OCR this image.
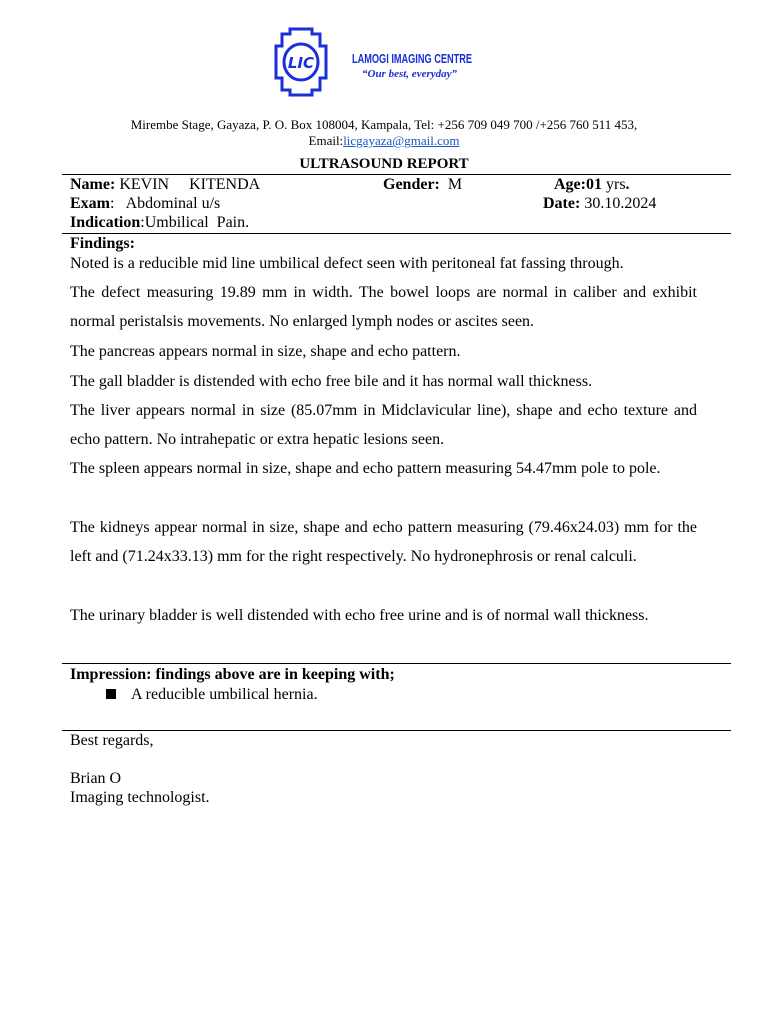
LIC	LAMOGI IMAGING CENTRE
“Our best, everyday”
Mirembe Stage, Gayaza, P. O. Box 108004, Kampala, Tel: +256 709 049 700 /+256 760 511 453,
Email:licgayaza@gmail.com
ULTRASOUND REPORT
Name: KEVIN KITENDA	Gender: M	Age:01 yrs.
Exam: Abdominal u/s	Date: 30.10.2024
Indication:Umbilical  Pain.
Findings:
Noted is a reducible mid line umbilical defect seen with peritoneal fat fassing through.
The defect measuring 19.89 mm in width. The bowel loops are normal in caliber and exhibit normal peristalsis movements. No enlarged lymph nodes or ascites seen.
The pancreas appears normal in size, shape and echo pattern.
The gall bladder is distended with echo free bile and it has normal wall thickness.
The liver appears normal in size (85.07mm in Midclavicular line), shape and echo texture and echo pattern. No intrahepatic or extra hepatic lesions seen.
The spleen appears normal in size, shape and echo pattern measuring 54.47mm pole to pole.
The kidneys appear normal in size, shape and echo pattern measuring (79.46x24.03) mm for the left and (71.24x33.13) mm for the right respectively. No hydronephrosis or renal calculi.
The urinary bladder is well distended with echo free urine and is of normal wall thickness.
Impression: findings above are in keeping with;
A reducible umbilical hernia.
Best regards,
Brian O
Imaging technologist.
